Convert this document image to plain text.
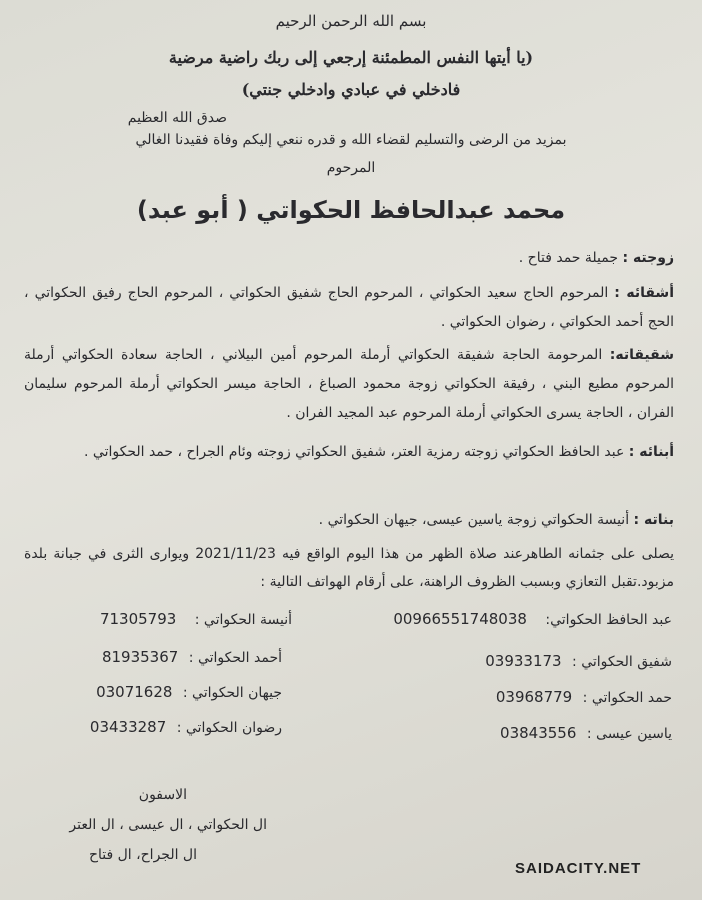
بسم الله الرحمن الرحيم
(يا أيتها النفس المطمئنة إرجعي إلى ربك راضية مرضية
فادخلي في عبادي وادخلي جنتي)
صدق الله العظيم
بمزيد من الرضى والتسليم لقضاء الله و قدره ننعي إليكم وفاة فقيدنا الغالي
المرحوم
محمد عبدالحافظ الحكواتي ( أبو عبد)
زوجته : جميلة حمد فتاح .
أشقائه : المرحوم الحاج سعيد الحكواتي ، المرحوم الحاج شفيق الحكواتي ، المرحوم الحاج رفيق الحكواتي ، الحج أحمد الحكواتي ، رضوان الحكواتي .
شقيقاته: المرحومة الحاجة شفيقة الحكواتي أرملة المرحوم أمين البيلاني ، الحاجة سعادة الحكواتي أرملة المرحوم مطيع البني ، رفيقة الحكواتي زوجة محمود الصباغ ، الحاجة ميسر الحكواتي أرملة المرحوم سليمان الفران ، الحاجة يسرى الحكواتي أرملة المرحوم عبد المجيد الفران .
أبنائه : عبد الحافظ الحكواتي زوجته رمزية العتر، شفيق الحكواتي زوجته وئام الجراح ، حمد الحكواتي .
بناته : أنيسة الحكواتي زوجة ياسين عيسى، جيهان الحكواتي .
يصلى على جثمانه الطاهرعند صلاة الظهر من هذا اليوم الواقع فيه 2021/11/23 ويوارى الثرى في جبانة بلدة مزبود.تقبل التعازي وبسبب الظروف الراهنة، على أرقام الهواتف التالية :
عبد الحافظ الحكواتي: 00966551748038
أنيسة الحكواتي : 71305793
شفيق الحكواتي : 03933173
أحمد الحكواتي : 81935367
حمد الحكواتي : 03968779
جيهان الحكواتي : 03071628
ياسين عيسى : 03843556
رضوان الحكواتي : 03433287
الاسفون
ال الحكواتي ، ال عيسى ، ال العتر
ال الجراح، ال فتاح
SAIDACITY.NET
